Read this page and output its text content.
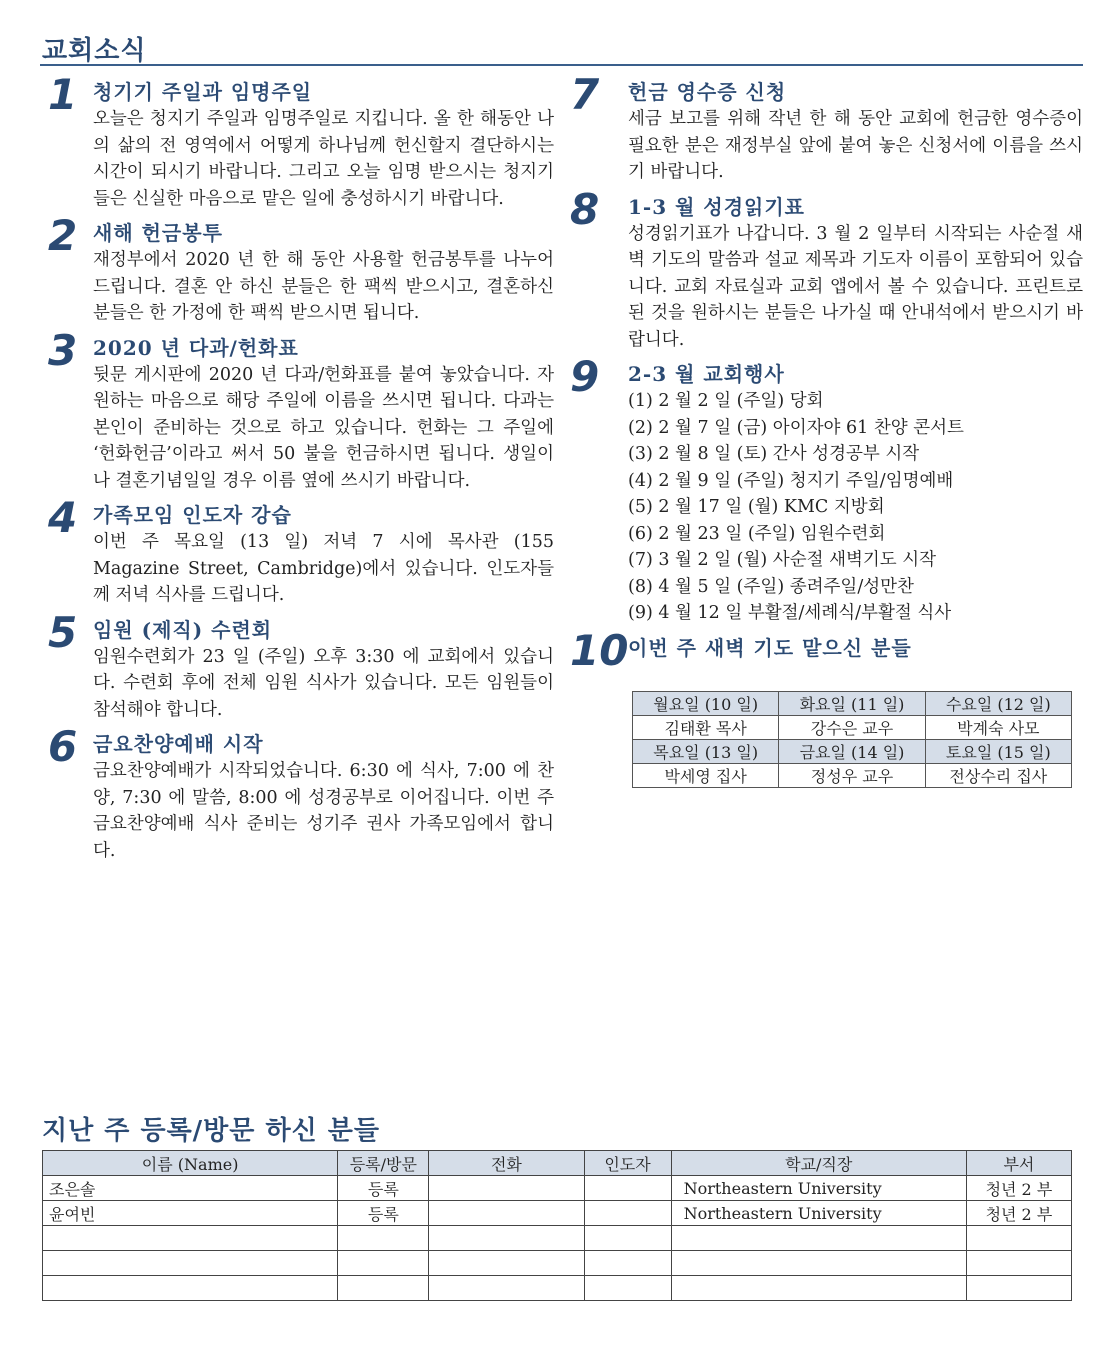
교회소식
1 청기기 주일과 임명주일
오늘은 청지기 주일과 임명주일로 지킵니다. 올 한 해동안 나의 삶의 전 영역에서 어떻게 하나님께 헌신할지 결단하시는 시간이 되시기 바랍니다. 그리고 오늘 임명 받으시는 청지기들은 신실한 마음으로 맡은 일에 충성하시기 바랍니다.
2 새해 헌금봉투
재정부에서 2020 년 한 해 동안 사용할 헌금봉투를 나누어 드립니다. 결혼 안 하신 분들은 한 팩씩 받으시고, 결혼하신 분들은 한 가정에 한 팩씩 받으시면 됩니다.
3 2020 년 다과/헌화표
뒷문 게시판에 2020 년 다과/헌화표를 붙여 놓았습니다. 자원하는 마음으로 해당 주일에 이름을 쓰시면 됩니다. 다과는 본인이 준비하는 것으로 하고 있습니다. 헌화는 그 주일에 ‘헌화헌금’이라고 써서 50 불을 헌금하시면 됩니다. 생일이나 결혼기념일일 경우 이름 옆에 쓰시기 바랍니다.
4 가족모임 인도자 강습
이번 주 목요일 (13 일) 저녁 7 시에 목사관 (155 Magazine Street, Cambridge)에서 있습니다. 인도자들께 저녁 식사를 드립니다.
5 임원 (제직) 수련회
임원수련회가 23 일 (주일) 오후 3:30 에 교회에서 있습니다. 수련회 후에 전체 임원 식사가 있습니다. 모든 임원들이 참석해야 합니다.
6 금요찬양예배 시작
금요찬양예배가 시작되었습니다. 6:30 에 식사, 7:00 에 찬양, 7:30 에 말씀, 8:00 에 성경공부로 이어집니다. 이번 주 금요찬양예배 식사 준비는 성기주 권사 가족모임에서 합니다.
7 헌금 영수증 신청
세금 보고를 위해 작년 한 해 동안 교회에 헌금한 영수증이 필요한 분은 재정부실 앞에 붙여 놓은 신청서에 이름을 쓰시기 바랍니다.
8 1-3 월 성경읽기표
성경읽기표가 나갑니다. 3 월 2 일부터 시작되는 사순절 새벽 기도의 말씀과 설교 제목과 기도자 이름이 포함되어 있습니다. 교회 자료실과 교회 앱에서 볼 수 있습니다. 프린트로 된 것을 원하시는 분들은 나가실 때 안내석에서 받으시기 바랍니다.
9 2-3 월 교회행사
(1) 2 월 2 일 (주일) 당회
(2) 2 월 7 일 (금) 아이자야 61 찬양 콘서트
(3) 2 월 8 일 (토) 간사 성경공부 시작
(4) 2 월 9 일 (주일) 청지기 주일/임명예배
(5) 2 월 17 일 (월) KMC 지방회
(6) 2 월 23 일 (주일) 임원수련회
(7) 3 월 2 일 (월) 사순절 새벽기도 시작
(8) 4 월 5 일 (주일) 종려주일/성만찬
(9) 4 월 12 일 부활절/세례식/부활절 식사
10 이번 주 새벽 기도 맡으신 분들
월요일 (10 일)	화요일 (11 일)	수요일 (12 일)
김태환 목사	강수은 교우	박계숙 사모
목요일 (13 일)	금요일 (14 일)	토요일 (15 일)
박세영 집사	정성우 교우	전상수리 집사
지난 주 등록/방문 하신 분들
이름 (Name)	등록/방문	전화	인도자	학교/직장	부서
조은솔	등록			Northeastern University	청년 2 부
윤여빈	등록			Northeastern University	청년 2 부
